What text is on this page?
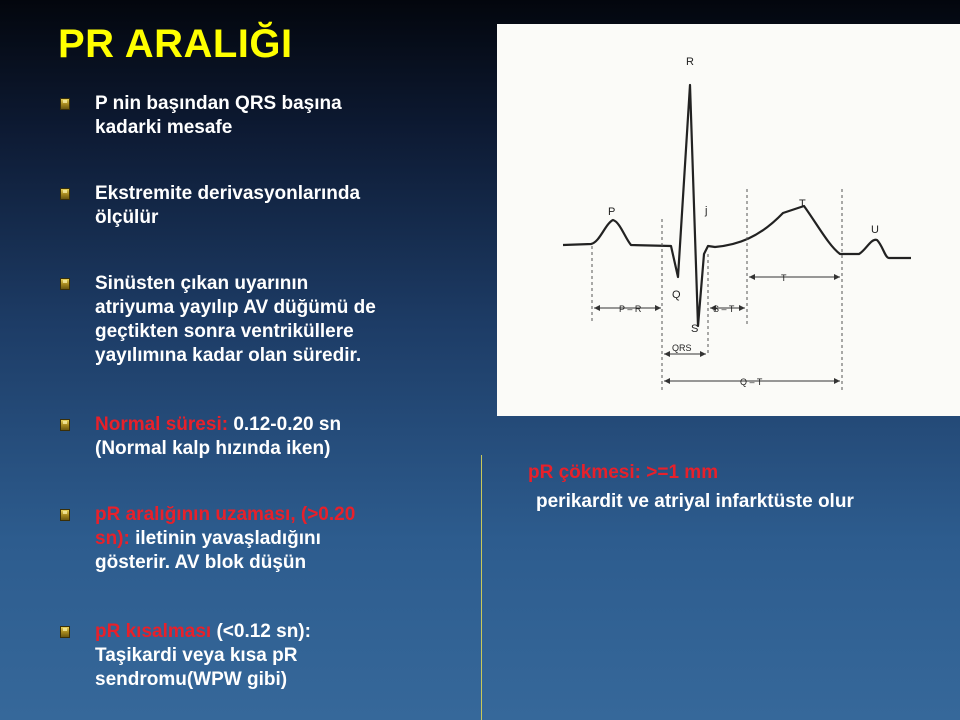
PR ARALIĞI
P nin başından QRS başına
kadarki mesafe
Ekstremite derivasyonlarında
ölçülür
Sinüsten çıkan uyarının
atriyuma yayılıp AV düğümü de
geçtikten sonra ventriküllere
yayılımına kadar olan süredir.
Normal süresi: 0.12-0.20 sn
(Normal kalp hızında iken)
pR aralığının uzaması, (>0.20
sn): iletinin yavaşladığını
gösterir. AV blok düşün
pR kısalması (<0.12 sn):
Taşikardi veya kısa pR
sendromu(WPW gibi)
P
R
Q
S
j
T
U
P – R	S – T
T
QRS
Q – T
pR çökmesi: >=1 mm
perikardit ve atriyal infarktüste olur
